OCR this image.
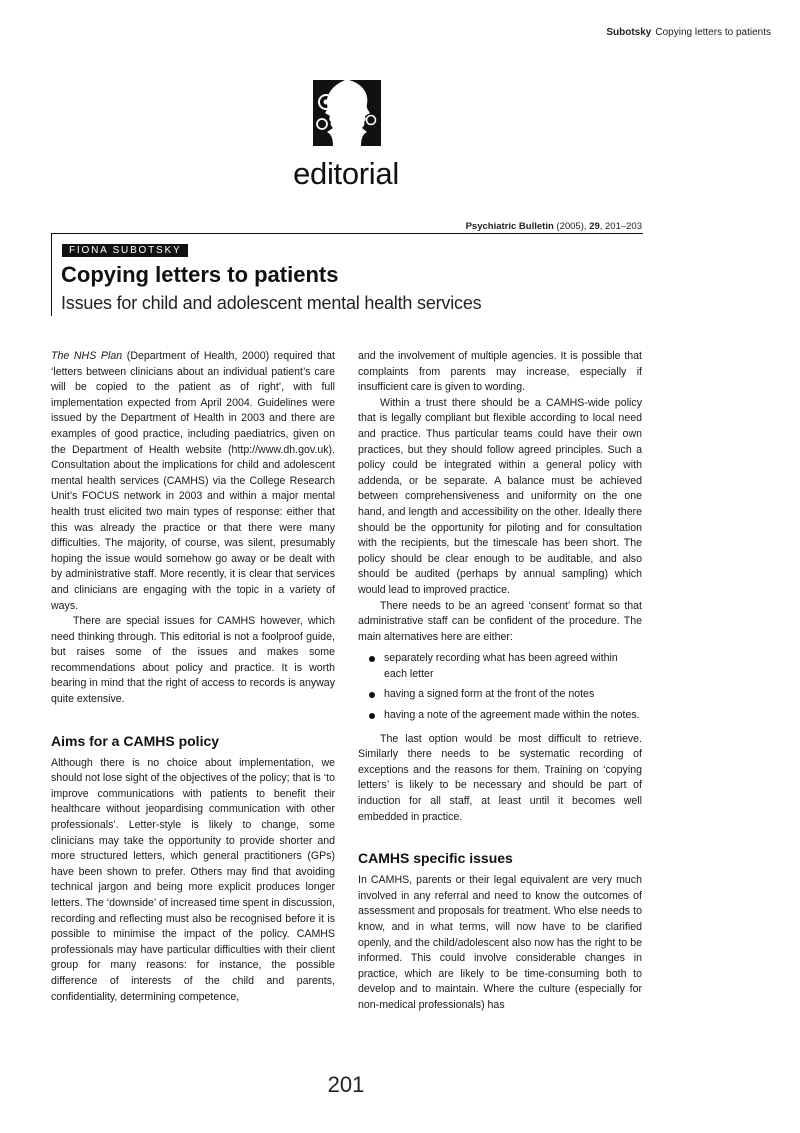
Subotsky Copying letters to patients
editorial
Psychiatric Bulletin (2005), 29, 201–203
FIONA SUBOTSKY
Copying letters to patients
Issues for child and adolescent mental health services

The NHS Plan (Department of Health, 2000) required that ‘letters between clinicians about an individual patient’s care will be copied to the patient as of right’, with full implementation expected from April 2004. Guidelines were issued by the Department of Health in 2003 and there are examples of good practice, including paediatrics, given on the Department of Health website (http://www.dh.gov.uk). Consultation about the implications for child and adolescent mental health services (CAMHS) via the College Research Unit’s FOCUS network in 2003 and within a major mental health trust elicited two main types of response: either that this was already the practice or that there were many difficulties. The majority, of course, was silent, presumably hoping the issue would somehow go away or be dealt with by administrative staff. More recently, it is clear that services and clinicians are engaging with the topic in a variety of ways.

There are special issues for CAMHS however, which need thinking through. This editorial is not a foolproof guide, but raises some of the issues and makes some recommendations about policy and practice. It is worth bearing in mind that the right of access to records is anyway quite extensive.

Aims for a CAMHS policy

Although there is no choice about implementation, we should not lose sight of the objectives of the policy; that is ‘to improve communications with patients to benefit their healthcare without jeopardising communication with other professionals’. Letter-style is likely to change, some clinicians may take the opportunity to provide shorter and more structured letters, which general practitioners (GPs) have been shown to prefer. Others may find that avoiding technical jargon and being more explicit produces longer letters. The ‘downside’ of increased time spent in discussion, recording and reflecting must also be recognised before it is possible to minimise the impact of the policy. CAMHS professionals may have particular difficulties with their client group for many reasons: for instance, the possible difference of interests of the child and parents, confidentiality, determining competence,

and the involvement of multiple agencies. It is possible that complaints from parents may increase, especially if insufficient care is given to wording.

Within a trust there should be a CAMHS-wide policy that is legally compliant but flexible according to local need and practice. Thus particular teams could have their own practices, but they should follow agreed principles. Such a policy could be integrated within a general policy with addenda, or be separate. A balance must be achieved between comprehensiveness and uniformity on the one hand, and length and accessibility on the other. Ideally there should be the opportunity for piloting and for consultation with the recipients, but the timescale has been short. The policy should be clear enough to be auditable, and also should be audited (perhaps by annual sampling) which would lead to improved practice.

There needs to be an agreed ‘consent’ format so that administrative staff can be confident of the procedure. The main alternatives here are either:

separately recording what has been agreed within each letter
having a signed form at the front of the notes
having a note of the agreement made within the notes.

The last option would be most difficult to retrieve. Similarly there needs to be systematic recording of exceptions and the reasons for them. Training on ‘copying letters’ is likely to be necessary and should be part of induction for all staff, at least until it becomes well embedded in practice.

CAMHS specific issues

In CAMHS, parents or their legal equivalent are very much involved in any referral and need to know the outcomes of assessment and proposals for treatment. Who else needs to know, and in what terms, will now have to be clarified openly, and the child/adolescent also now has the right to be informed. This could involve considerable changes in practice, which are likely to be time-consuming both to develop and to maintain. Where the culture (especially for non-medical professionals) has

201
